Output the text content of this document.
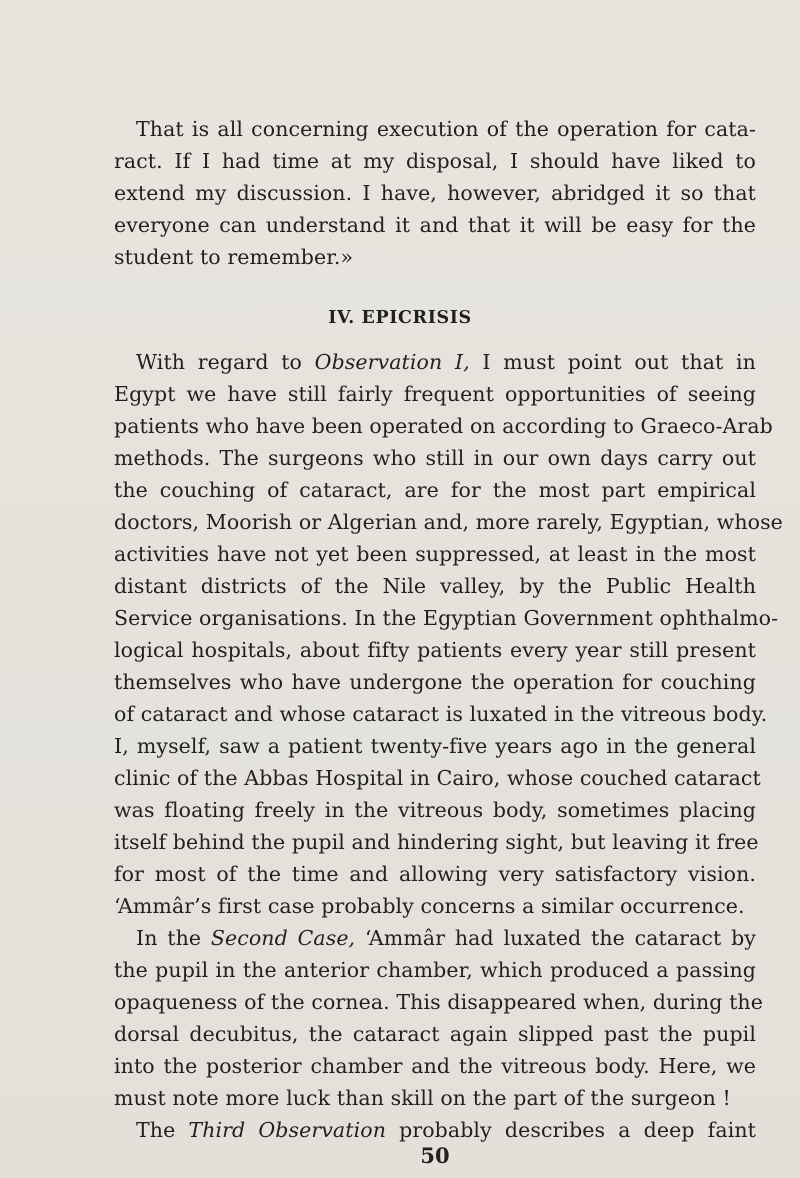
That is all concerning execution of the operation for cata-
ract. If I had time at my disposal, I should have liked to
extend my discussion. I have, however, abridged it so that
everyone can understand it and that it will be easy for the
student to remember.»
IV. EPICRISIS
With regard to Observation I, I must point out that in
Egypt we have still fairly frequent opportunities of seeing
patients who have been operated on according to Graeco-Arab
methods. The surgeons who still in our own days carry out
the couching of cataract, are for the most part empirical
doctors, Moorish or Algerian and, more rarely, Egyptian, whose
activities have not yet been suppressed, at least in the most
distant districts of the Nile valley, by the Public Health
Service organisations. In the Egyptian Government ophthalmo-
logical hospitals, about fifty patients every year still present
themselves who have undergone the operation for couching
of cataract and whose cataract is luxated in the vitreous body.
I, myself, saw a patient twenty-five years ago in the general
clinic of the Abbas Hospital in Cairo, whose couched cataract
was floating freely in the vitreous body, sometimes placing
itself behind the pupil and hindering sight, but leaving it free
for most of the time and allowing very satisfactory vision.
‘Ammâr’s first case probably concerns a similar occurrence.
In the Second Case, ‘Ammâr had luxated the cataract by
the pupil in the anterior chamber, which produced a passing
opaqueness of the cornea. This disappeared when, during the
dorsal decubitus, the cataract again slipped past the pupil
into the posterior chamber and the vitreous body. Here, we
must note more luck than skill on the part of the surgeon !
The Third Observation probably describes a deep faint
50
